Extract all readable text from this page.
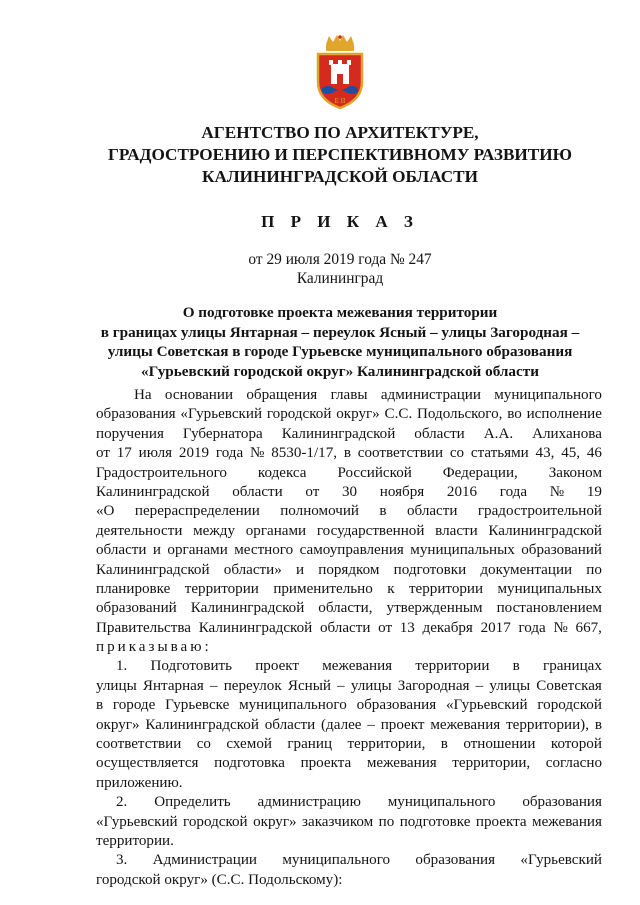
E II
АГЕНТСТВО ПО АРХИТЕКТУРЕ,
ГРАДОСТРОЕНИЮ И ПЕРСПЕКТИВНОМУ РАЗВИТИЮ
КАЛИНИНГРАДСКОЙ ОБЛАСТИ
П Р И К А З
от 29 июля 2019 года № 247
Калининград
О подготовке проекта межевания территории
в границах улицы Янтарная – переулок Ясный – улицы Загородная –
улицы Советская в городе Гурьевске муниципального образования
«Гурьевский городской округ» Калининградской области
На основании обращения главы администрации муниципального
образования «Гурьевский городской округ» С.С. Подольского, во исполнение
поручения Губернатора Калининградской области А.А. Алиханова
от 17 июля 2019 года № 8530-1/17, в соответствии со статьями 43, 45, 46
Градостроительного кодекса Российской Федерации, Законом
Калининградской области от 30 ноября 2016 года № 19
«О перераспределении полномочий в области градостроительной
деятельности между органами государственной власти Калининградской
области и органами местного самоуправления муниципальных образований
Калининградской области» и порядком подготовки документации по
планировке территории применительно к территории муниципальных
образований Калининградской области, утвержденным постановлением
Правительства Калининградской области от 13 декабря 2017 года № 667,
приказываю:
1. Подготовить проект межевания территории в границах
улицы Янтарная – переулок Ясный – улицы Загородная – улицы Советская
в городе Гурьевске муниципального образования «Гурьевский городской
округ» Калининградской области (далее – проект межевания территории), в
соответствии со схемой границ территории, в отношении которой
осуществляется подготовка проекта межевания территории, согласно
приложению.
2. Определить администрацию муниципального образования
«Гурьевский городской округ» заказчиком по подготовке проекта межевания
территории.
3. Администрации муниципального образования «Гурьевский
городской округ» (С.С. Подольскому):
